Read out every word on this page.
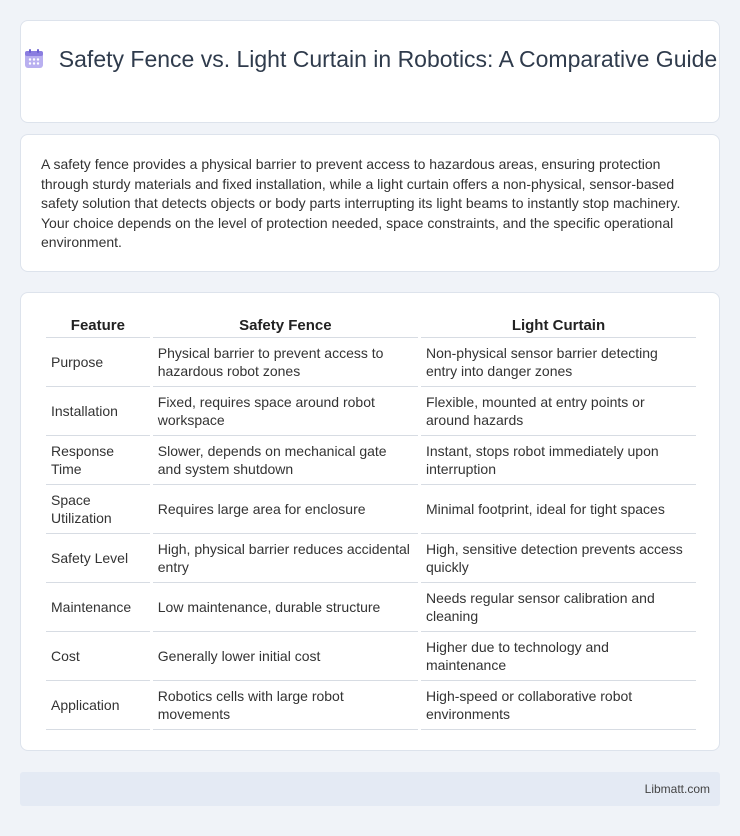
Safety Fence vs. Light Curtain in Robotics: A Comparative Guide

A safety fence provides a physical barrier to prevent access to hazardous areas, ensuring protection through sturdy materials and fixed installation, while a light curtain offers a non-physical, sensor-based safety solution that detects objects or body parts interrupting its light beams to instantly stop machinery. Your choice depends on the level of protection needed, space constraints, and the specific operational environment.

Feature	Safety Fence	Light Curtain
Purpose	Physical barrier to prevent access to hazardous robot zones	Non-physical sensor barrier detecting entry into danger zones
Installation	Fixed, requires space around robot workspace	Flexible, mounted at entry points or around hazards
Response Time	Slower, depends on mechanical gate and system shutdown	Instant, stops robot immediately upon interruption
Space Utilization	Requires large area for enclosure	Minimal footprint, ideal for tight spaces
Safety Level	High, physical barrier reduces accidental entry	High, sensitive detection prevents access quickly
Maintenance	Low maintenance, durable structure	Needs regular sensor calibration and cleaning
Cost	Generally lower initial cost	Higher due to technology and maintenance
Application	Robotics cells with large robot movements	High-speed or collaborative robot environments
Libmatt.com
